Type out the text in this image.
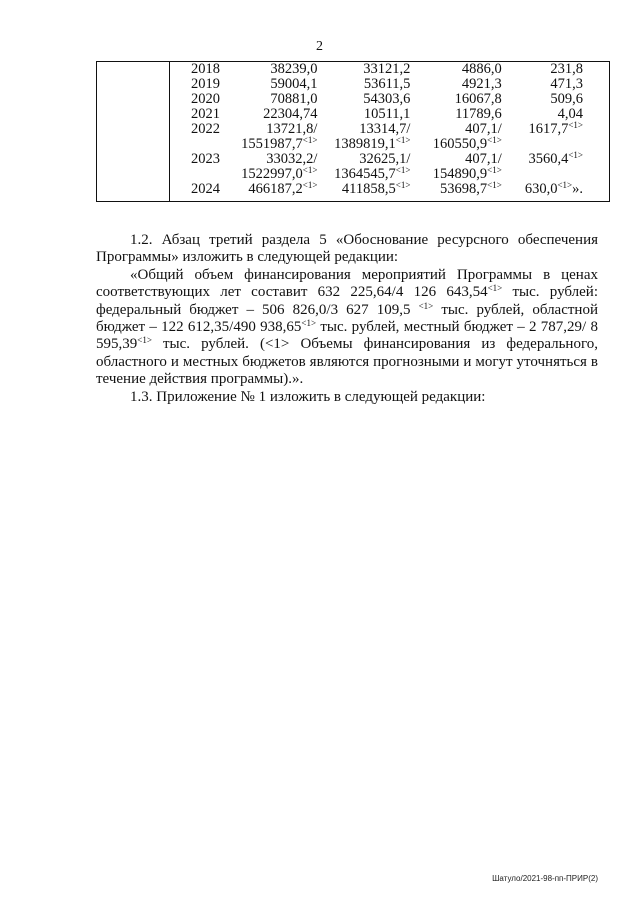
2
	2018	38239,0	33121,2	4886,0	231,8
	2019	59004,1	53611,5	4921,3	471,3
	2020	70881,0	54303,6	16067,8	509,6
	2021	22304,74	10511,1	11789,6	4,04
	2022	13721,8/	13314,7/	407,1/	$1617,7^{<1>}$
		$1551987,7^{<1>}$	$1389819,1^{<1>}$	$160550,9^{<1>}$	
	2023	33032,2/	32625,1/	407,1/	$3560,4^{<1>}$
		$1522997,0^{<1>}$	$1364545,7^{<1>}$	$154890,9^{<1>}$	
	2024	$466187,2^{<1>}$	$411858,5^{<1>}$	$53698,7^{<1>}$	$630,0^{<1>}$».

1.2. Абзац третий раздела 5 «Обоснование ресурсного обеспечения Программы» изложить в следующей редакции:

«Общий объем финансирования мероприятий Программы в ценах соответствующих лет составит 632 225,64/4 126 $643,54^{<1>}$ тыс. рублей: федеральный бюджет – 506 826,0/3 627 109,5 $^{<1>}$ тыс. рублей, областной бюджет – 122 612,35/490 $938,65^{<1>}$ тыс. рублей, местный бюджет – 2 787,29/ 8 $595,39^{<1>}$ тыс. рублей. (<1> Объемы финансирования из федерального, областного и местных бюджетов являются прогнозными и могут уточняться в течение действия программы).».

1.3. Приложение № 1 изложить в следующей редакции:

Шатуло/2021-98-пп-ПРИР(2)
